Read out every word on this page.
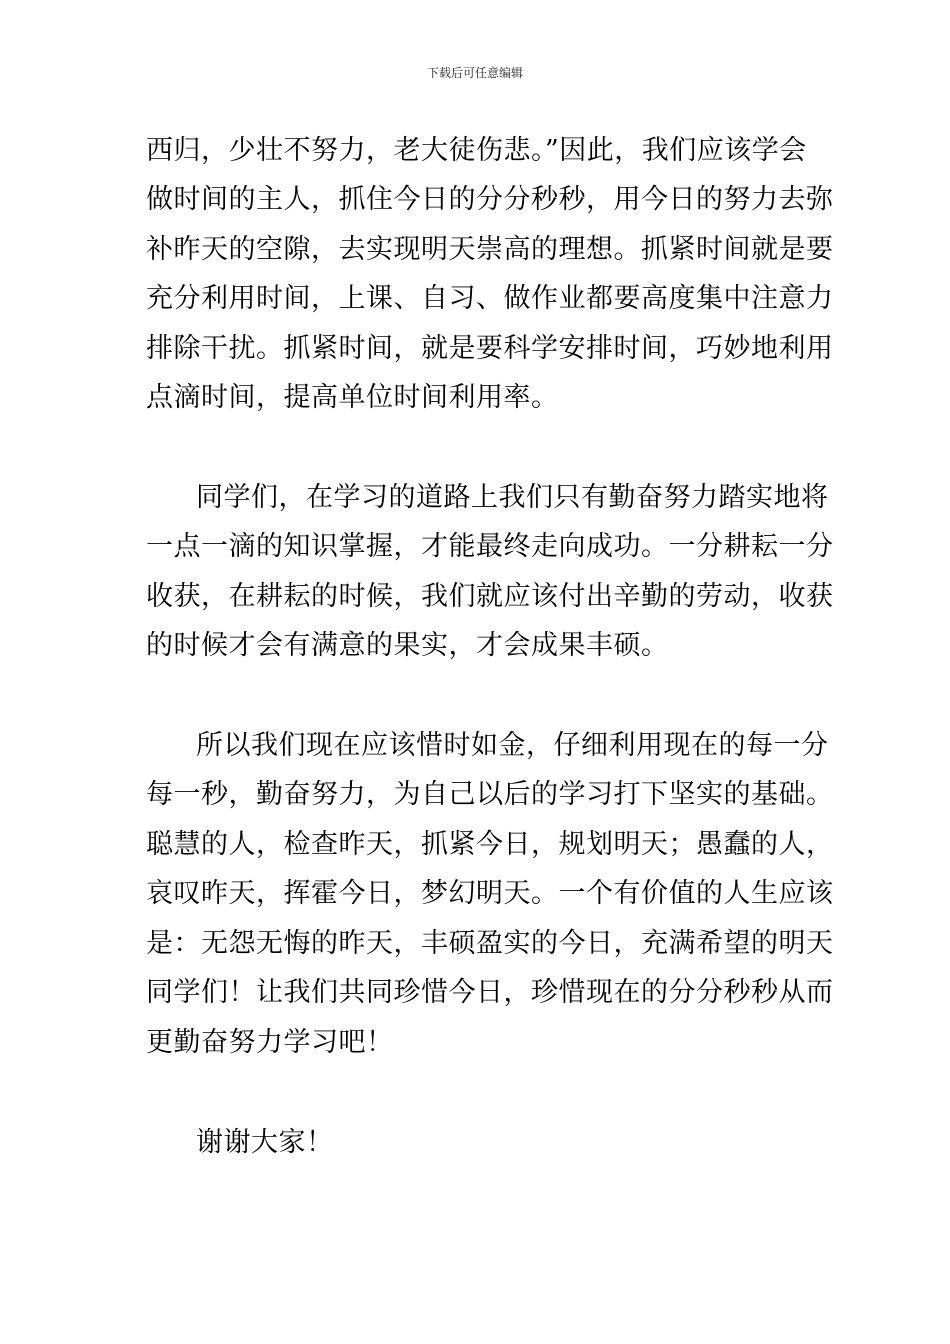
下载后可任意编辑
西归，少壮不努力，老大徒伤悲。”因此，我们应该学会
做时间的主人，抓住今日的分分秒秒，用今日的努力去弥
补昨天的空隙，去实现明天崇高的理想。抓紧时间就是要
充分利用时间，上课、自习、做作业都要高度集中注意力
排除干扰。抓紧时间，就是要科学安排时间，巧妙地利用
点滴时间，提高单位时间利用率。
同学们，在学习的道路上我们只有勤奋努力踏实地将
一点一滴的知识掌握，才能最终走向成功。一分耕耘一分
收获，在耕耘的时候，我们就应该付出辛勤的劳动，收获
的时候才会有满意的果实，才会成果丰硕。
所以我们现在应该惜时如金，仔细利用现在的每一分
每一秒，勤奋努力，为自己以后的学习打下坚实的基础。
聪慧的人，检查昨天，抓紧今日，规划明天；愚蠢的人，
哀叹昨天，挥霍今日，梦幻明天。一个有价值的人生应该
是：无怨无悔的昨天，丰硕盈实的今日，充满希望的明天
同学们！让我们共同珍惜今日，珍惜现在的分分秒秒从而
更勤奋努力学习吧！
谢谢大家！
